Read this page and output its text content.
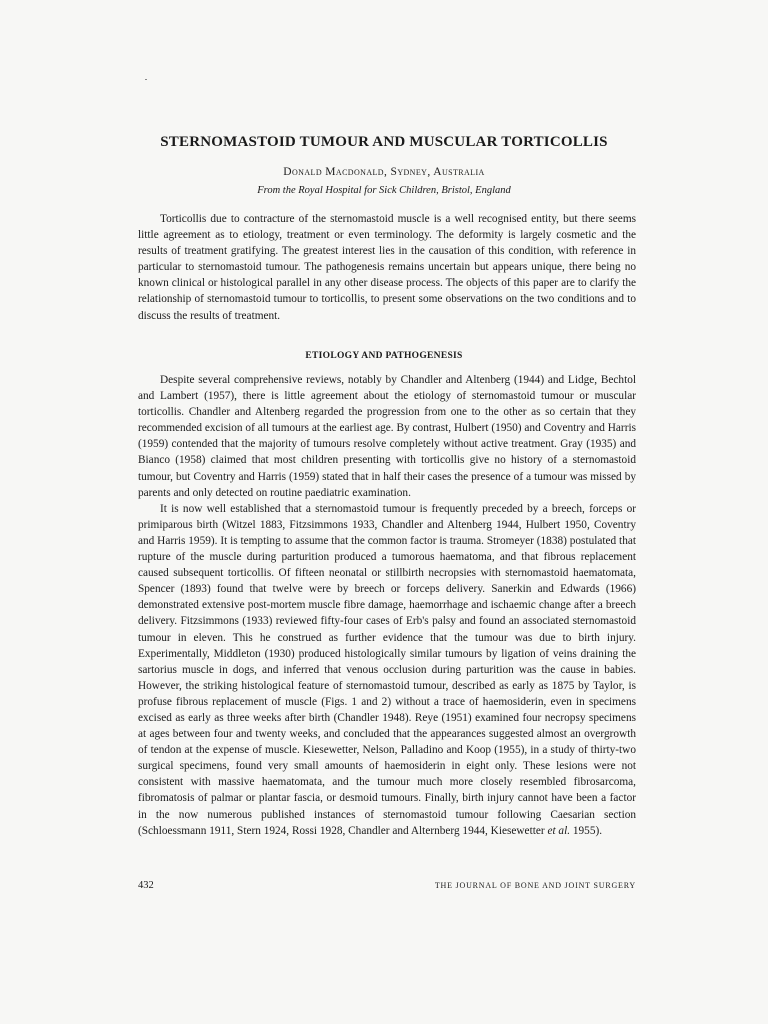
STERNOMASTOID TUMOUR AND MUSCULAR TORTICOLLIS
Donald Macdonald, Sydney, Australia
From the Royal Hospital for Sick Children, Bristol, England

Torticollis due to contracture of the sternomastoid muscle is a well recognised entity, but there seems little agreement as to etiology, treatment or even terminology. The deformity is largely cosmetic and the results of treatment gratifying. The greatest interest lies in the causation of this condition, with reference in particular to sternomastoid tumour. The pathogenesis remains uncertain but appears unique, there being no known clinical or histological parallel in any other disease process. The objects of this paper are to clarify the relationship of sternomastoid tumour to torticollis, to present some observations on the two conditions and to discuss the results of treatment.

ETIOLOGY AND PATHOGENESIS

Despite several comprehensive reviews, notably by Chandler and Altenberg (1944) and Lidge, Bechtol and Lambert (1957), there is little agreement about the etiology of sternomastoid tumour or muscular torticollis. Chandler and Altenberg regarded the progression from one to the other as so certain that they recommended excision of all tumours at the earliest age. By contrast, Hulbert (1950) and Coventry and Harris (1959) contended that the majority of tumours resolve completely without active treatment. Gray (1935) and Bianco (1958) claimed that most children presenting with torticollis give no history of a sternomastoid tumour, but Coventry and Harris (1959) stated that in half their cases the presence of a tumour was missed by parents and only detected on routine paediatric examination.

It is now well established that a sternomastoid tumour is frequently preceded by a breech, forceps or primiparous birth (Witzel 1883, Fitzsimmons 1933, Chandler and Altenberg 1944, Hulbert 1950, Coventry and Harris 1959). It is tempting to assume that the common factor is trauma. Stromeyer (1838) postulated that rupture of the muscle during parturition produced a tumorous haematoma, and that fibrous replacement caused subsequent torticollis. Of fifteen neonatal or stillbirth necropsies with sternomastoid haematomata, Spencer (1893) found that twelve were by breech or forceps delivery. Sanerkin and Edwards (1966) demonstrated extensive post-mortem muscle fibre damage, haemorrhage and ischaemic change after a breech delivery. Fitzsimmons (1933) reviewed fifty-four cases of Erb's palsy and found an associated sternomastoid tumour in eleven. This he construed as further evidence that the tumour was due to birth injury. Experimentally, Middleton (1930) produced histologically similar tumours by ligation of veins draining the sartorius muscle in dogs, and inferred that venous occlusion during parturition was the cause in babies. However, the striking histological feature of sternomastoid tumour, described as early as 1875 by Taylor, is profuse fibrous replacement of muscle (Figs. 1 and 2) without a trace of haemosiderin, even in specimens excised as early as three weeks after birth (Chandler 1948). Reye (1951) examined four necropsy specimens at ages between four and twenty weeks, and concluded that the appearances suggested almost an overgrowth of tendon at the expense of muscle. Kiesewetter, Nelson, Palladino and Koop (1955), in a study of thirty-two surgical specimens, found very small amounts of haemosiderin in eight only. These lesions were not consistent with massive haematomata, and the tumour much more closely resembled fibrosarcoma, fibromatosis of palmar or plantar fascia, or desmoid tumours. Finally, birth injury cannot have been a factor in the now numerous published instances of sternomastoid tumour following Caesarian section (Schloessmann 1911, Stern 1924, Rossi 1928, Chandler and Alternberg 1944, Kiesewetter et al. 1955).

432	THE JOURNAL OF BONE AND JOINT SURGERY
